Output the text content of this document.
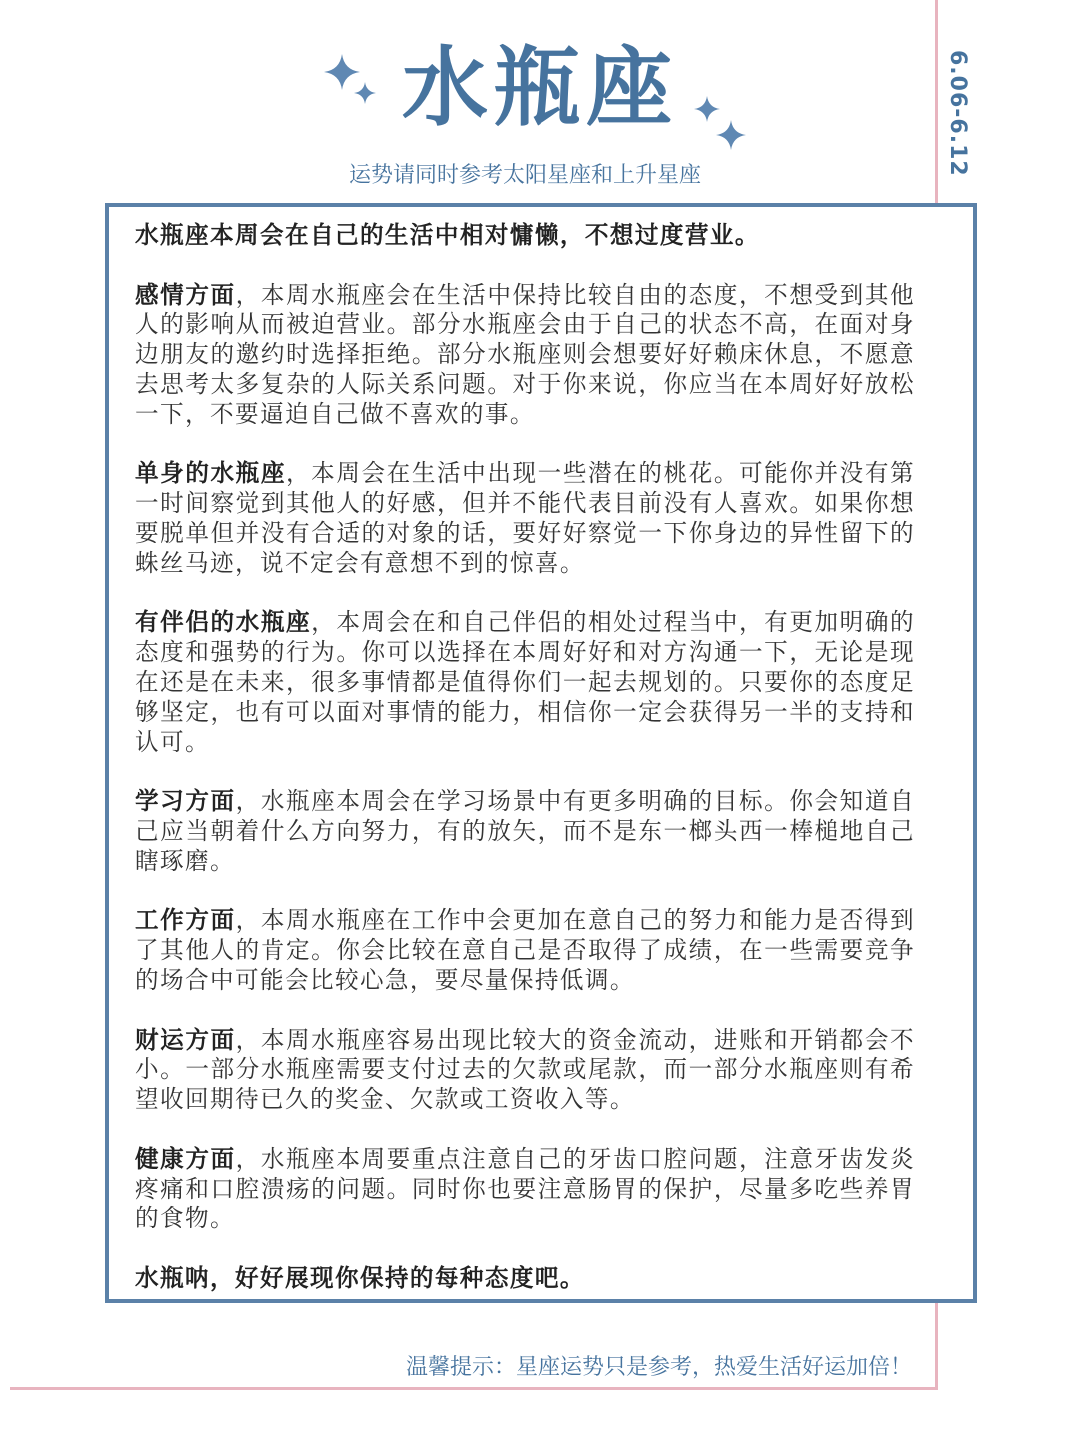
水瓶座
运势请同时参考太阳星座和上升星座	6.06-6.12

水瓶座本周会在自己的生活中相对慵懒，不想过度营业。

感情方面，本周水瓶座会在生活中保持比较自由的态度，不想受到其他人的影响从而被迫营业。部分水瓶座会由于自己的状态不高，在面对身边朋友的邀约时选择拒绝。部分水瓶座则会想要好好赖床休息，不愿意去思考太多复杂的人际关系问题。对于你来说，你应当在本周好好放松一下，不要逼迫自己做不喜欢的事。

单身的水瓶座，本周会在生活中出现一些潜在的桃花。可能你并没有第一时间察觉到其他人的好感，但并不能代表目前没有人喜欢。如果你想要脱单但并没有合适的对象的话，要好好察觉一下你身边的异性留下的蛛丝马迹，说不定会有意想不到的惊喜。

有伴侣的水瓶座，本周会在和自己伴侣的相处过程当中，有更加明确的态度和强势的行为。你可以选择在本周好好和对方沟通一下，无论是现在还是在未来，很多事情都是值得你们一起去规划的。只要你的态度足够坚定，也有可以面对事情的能力，相信你一定会获得另一半的支持和认可。

学习方面，水瓶座本周会在学习场景中有更多明确的目标。你会知道自己应当朝着什么方向努力，有的放矢，而不是东一榔头西一棒槌地自己瞎琢磨。

工作方面，本周水瓶座在工作中会更加在意自己的努力和能力是否得到了其他人的肯定。你会比较在意自己是否取得了成绩，在一些需要竞争的场合中可能会比较心急，要尽量保持低调。

财运方面，本周水瓶座容易出现比较大的资金流动，进账和开销都会不小。一部分水瓶座需要支付过去的欠款或尾款，而一部分水瓶座则有希望收回期待已久的奖金、欠款或工资收入等。

健康方面，水瓶座本周要重点注意自己的牙齿口腔问题，注意牙齿发炎疼痛和口腔溃疡的问题。同时你也要注意肠胃的保护，尽量多吃些养胃的食物。

水瓶呐，好好展现你保持的每种态度吧。

温馨提示：星座运势只是参考，热爱生活好运加倍！
